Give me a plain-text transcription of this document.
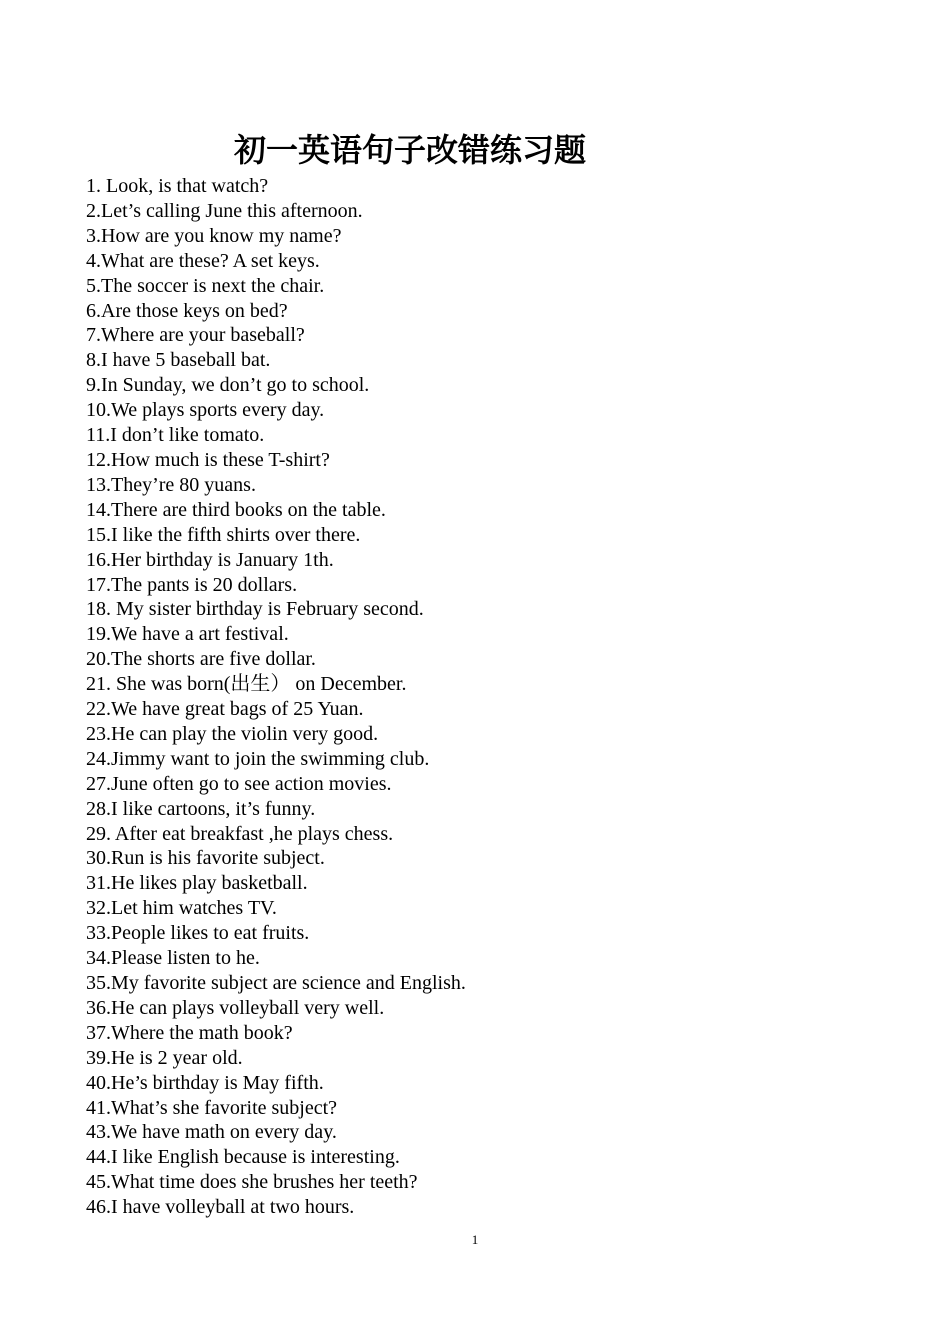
初一英语句子改错练习题
1. Look, is that watch?
2.Let’s calling June this afternoon.
3.How are you know my name?
4.What are these? A set keys.
5.The soccer is next the chair.
6.Are those keys on bed?
7.Where are your baseball?
8.I have 5 baseball bat.
9.In Sunday, we don’t go to school.
10.We plays sports every day.
11.I don’t like tomato.
12.How much is these T-shirt?
13.They’re 80 yuans.
14.There are third books on the table.
15.I like the fifth shirts over there.
16.Her birthday is January 1th.
17.The pants is 20 dollars.
18. My sister birthday is February second.
19.We have a art festival.
20.The shorts are five dollar.
21. She was born(出生） on December.
22.We have great bags of 25 Yuan.
23.He can play the violin very good.
24.Jimmy want to join the swimming club.
27.June often go to see action movies.
28.I like cartoons, it’s funny.
29. After eat breakfast ,he plays chess.
30.Run is his favorite subject.
31.He likes play basketball.
32.Let him watches TV.
33.People likes to eat fruits.
34.Please listen to he.
35.My favorite subject are science and English.
36.He can plays volleyball very well.
37.Where the math book?
39.He is 2 year old.
40.He’s birthday is May fifth.
41.What’s she favorite subject?
43.We have math on every day.
44.I like English because is interesting.
45.What time does she brushes her teeth?
46.I have volleyball at two hours.
1
